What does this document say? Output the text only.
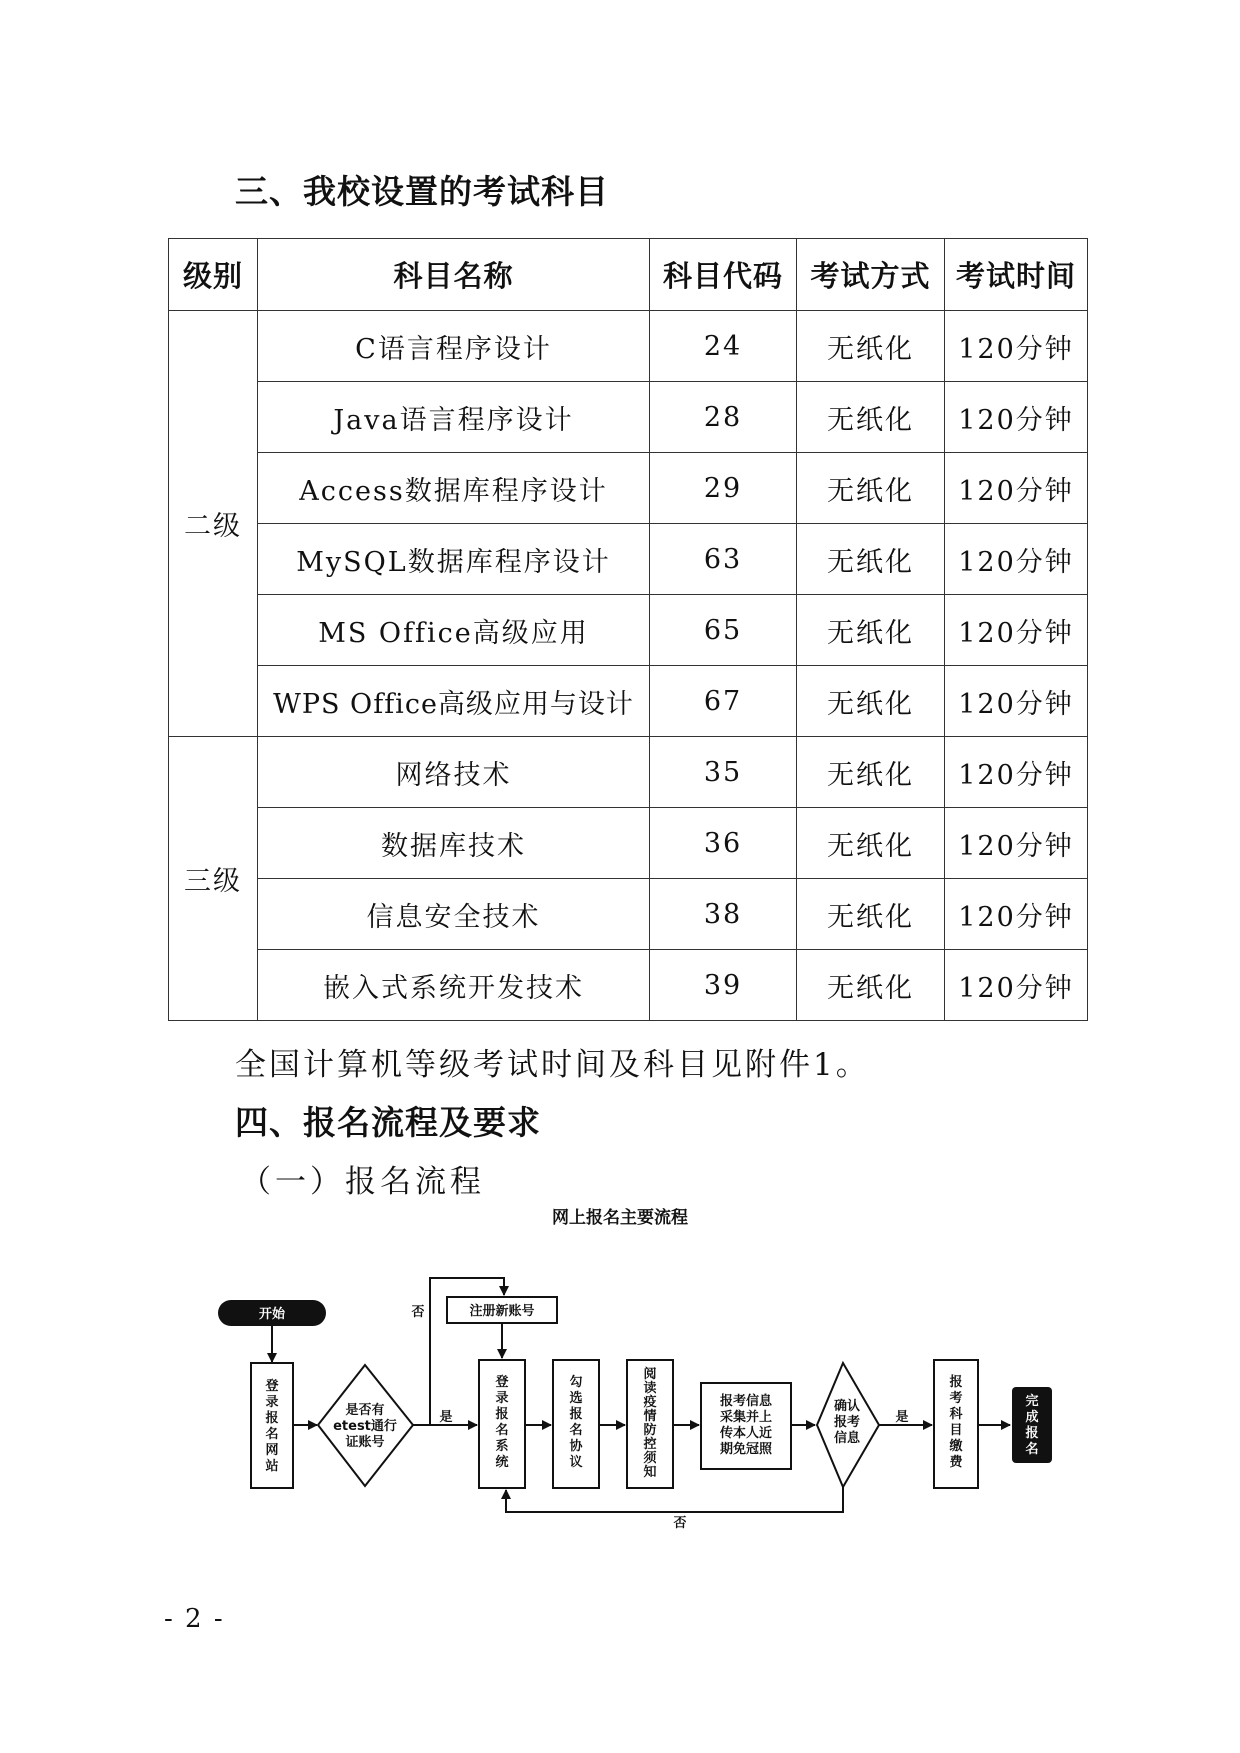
三、我校设置的考试科目
级别	科目名称	科目代码	考试方式	考试时间
二级	C语言程序设计	24	无纸化	120分钟
	Java语言程序设计	28	无纸化	120分钟
	Access数据库程序设计	29	无纸化	120分钟
	MySQL数据库程序设计	63	无纸化	120分钟
	MS Office高级应用	65	无纸化	120分钟
	WPS Office高级应用与设计	67	无纸化	120分钟
三级	网络技术	35	无纸化	120分钟
	数据库技术	36	无纸化	120分钟
	信息安全技术	38	无纸化	120分钟
	嵌入式系统开发技术	39	无纸化	120分钟
全国计算机等级考试时间及科目见附件1。
四、报名流程及要求
（一）报名流程
网上报名主要流程
开始
登
录
报
名
网
站
是否有
etest通行
证账号
是
否	注册新账号
登
录
报
名
系
统
勾
选
报
名
协
议
阅
读
疫
情
防
控
须
知
报考信息
采集并上
传本人近
期免冠照
确认
报考
信息
是
否
报
考
科
目
缴
费
完
成
报
名
- 2 -
